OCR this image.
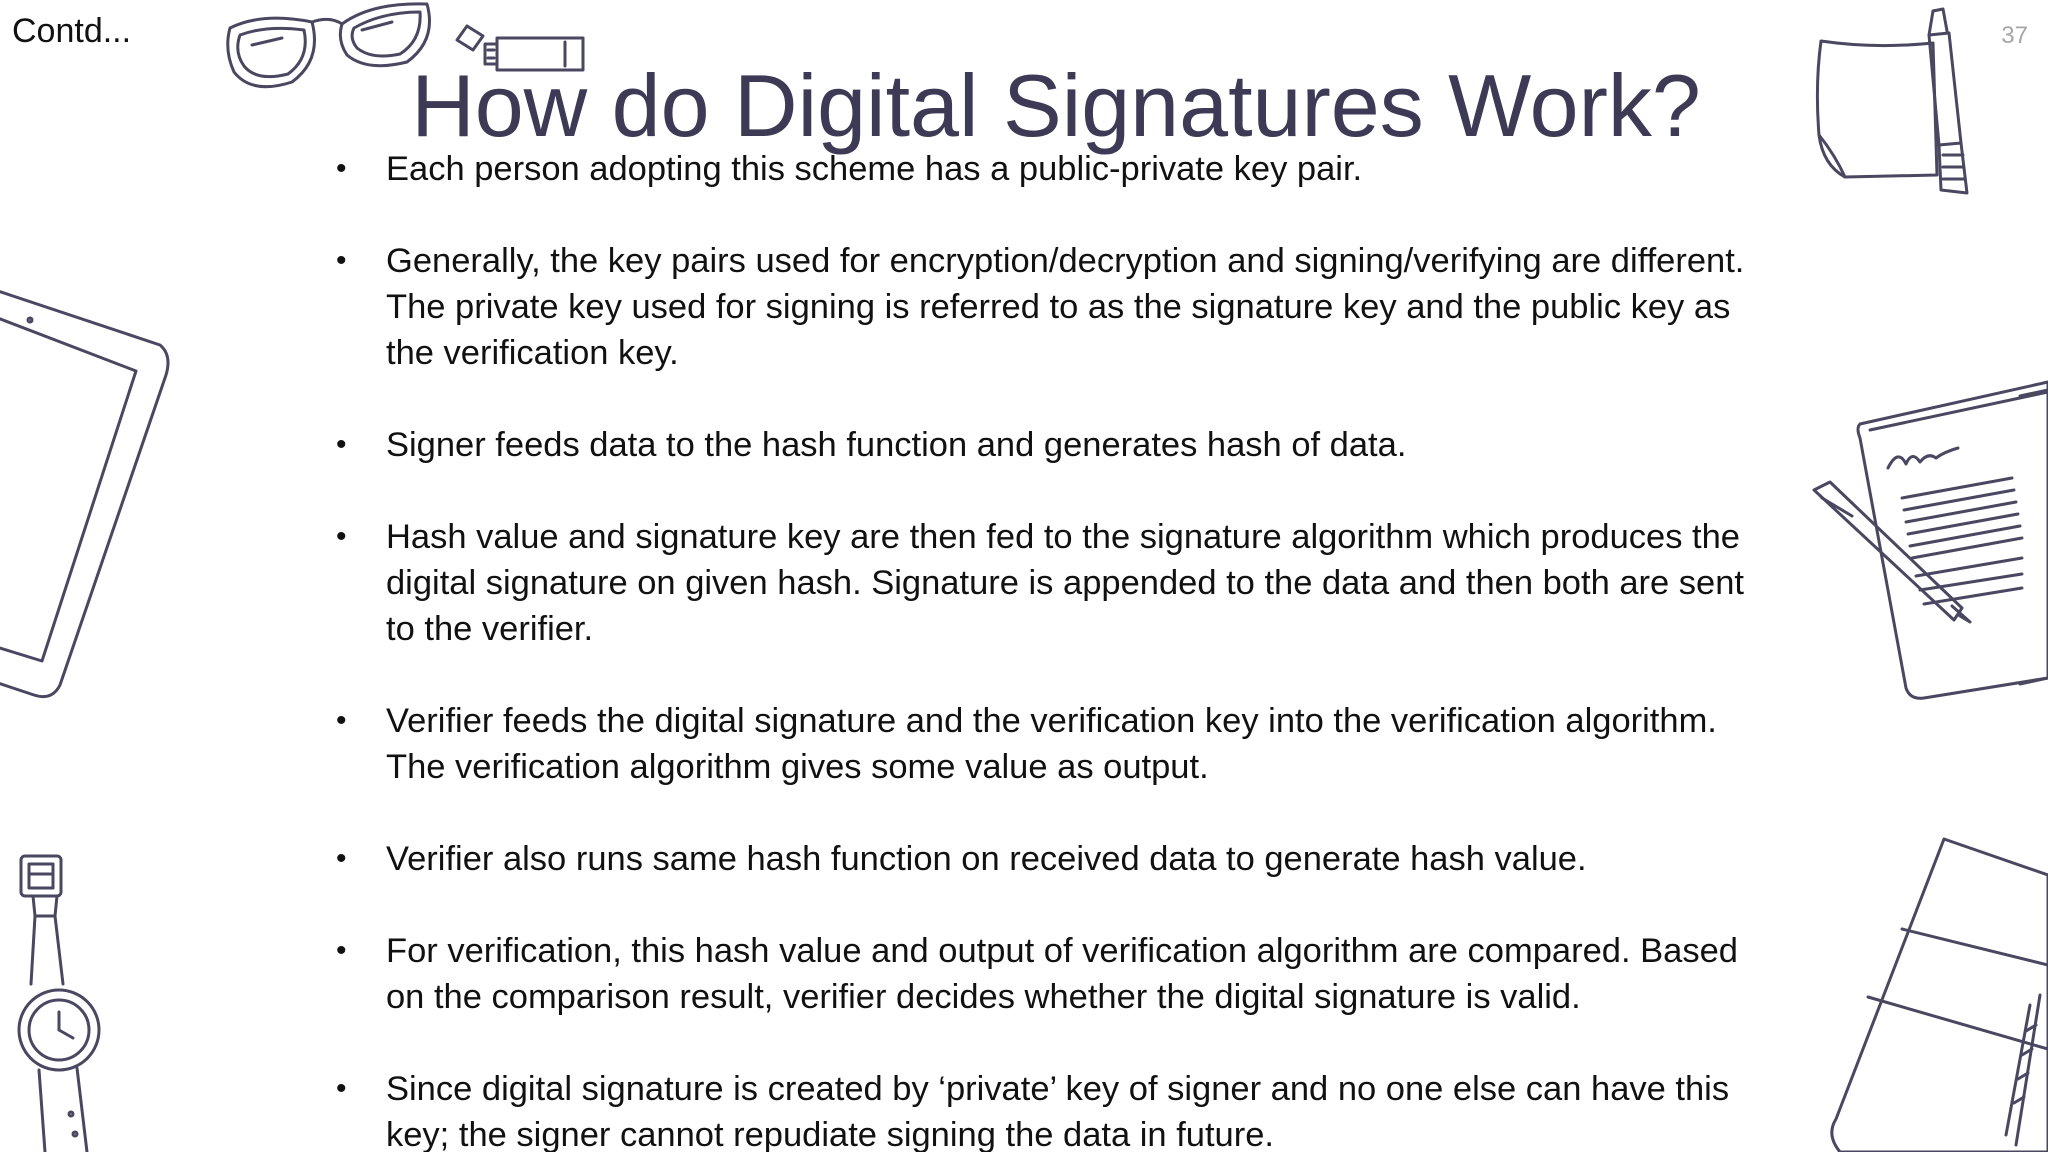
Contd...	37
How do Digital Signatures Work?
• Each person adopting this scheme has a public-private key pair.
• Generally, the key pairs used for encryption/decryption and signing/verifying are different. The private key used for signing is referred to as the signature key and the public key as the verification key.
• Signer feeds data to the hash function and generates hash of data.
• Hash value and signature key are then fed to the signature algorithm which produces the digital signature on given hash. Signature is appended to the data and then both are sent to the verifier.
• Verifier feeds the digital signature and the verification key into the verification algorithm. The verification algorithm gives some value as output.
• Verifier also runs same hash function on received data to generate hash value.
• For verification, this hash value and output of verification algorithm are compared. Based on the comparison result, verifier decides whether the digital signature is valid.
• Since digital signature is created by ‘private’ key of signer and no one else can have this key; the signer cannot repudiate signing the data in future.
